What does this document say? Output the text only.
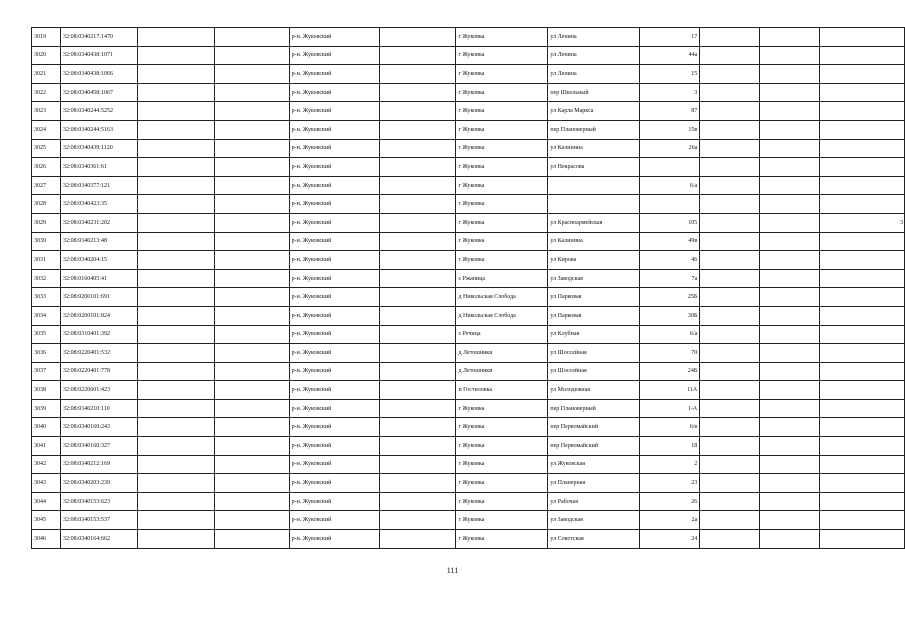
3019	32:08:0340217:1470			р-н. Жуковский		г Жуковка	ул Ленина	17			
3020	32:08:0340438:1071			р-н. Жуковский		г Жуковка	ул Ленина	44а			
3021	32:08:0340438:1066			р-н. Жуковский		г Жуковка	ул Ленина	15			
3022	32:08:0340458:1067			р-н. Жуковский		г Жуковка	пер Школьный	3			
3023	32:08:0340244:5252			р-н. Жуковский		г Жуковка	ул Карла Маркса	87			
3024	32:08:0340244:5163			р-н. Жуковский		г Жуковка	пер Плановерный	15в			
3025	32:08:0340439:1120			р-н. Жуковский		г Жуковка	ул Калинина	26а			
3026	32:08:0340361:61			р-н. Жуковский		г Жуковка	ул Некрасова				
3027	32:08:0340377:121			р-н. Жуковский		г Жуковка		6/а			
3028	32:08:0340423:35			р-н. Жуковский		г Жуковка					
3029	32:08:0340231:202			р-н. Жуковский		г Жуковка	ул Красноармейская	105			3
3030	32:08:0340213:48			р-н. Жуковский		г Жуковка	ул Калинина	49в			
3031	32:08:0340204:15			р-н. Жуковский		г Жуковка	ул Кирова	46			
3032	32:08:0160405:41			р-н. Жуковский		с Ржаница	ул Заводская	7а			
3033	32:08:0200101:691			р-н. Жуковский		д Никольская Слобода	ул Парковая	25Б			
3034	32:08:0200101:824			р-н. Жуковский		д Никольская Слобода	ул Парковая	30Б			
3035	32:08:0310401:392			р-н. Жуковский		с Речица	ул Клубная	6/а			
3036	32:08:0220401:532			р-н. Жуковский		д Летошники	ул Шоссейная	70			
3037	32:08:0220401:778			р-н. Жуковский		д Летошники	ул Шоссейная	24Б			
3038	32:08:0220601:423			р-н. Жуковский		п Гостиловка	ул Молодежная	11А			
3039	32:08:0340210:110			р-н. Жуковский		г Жуковка	пер Плановерный	1-А			
3040	32:08:0340160:243			р-н. Жуковский		г Жуковка	пер Первомайский	6/в			
3041	32:08:0340160:327			р-н. Жуковский		г Жуковка	пер Первомайский	18			
3042	32:08:0340212:169			р-н. Жуковский		г Жуковка	ул Жуковская	2			
3043	32:08:0340203:239			р-н. Жуковский		г Жуковка	ул Планерная	23			
3044	32:08:0340153:623			р-н. Жуковский		г Жуковка	ул Рабочая	26			
3045	32:08:0340153:537			р-н. Жуковский		г Жуковка	ул Заводская	2а			
3046	32:08:0340164:662			р-н. Жуковский		г Жуковка	ул Советская	24			
111
